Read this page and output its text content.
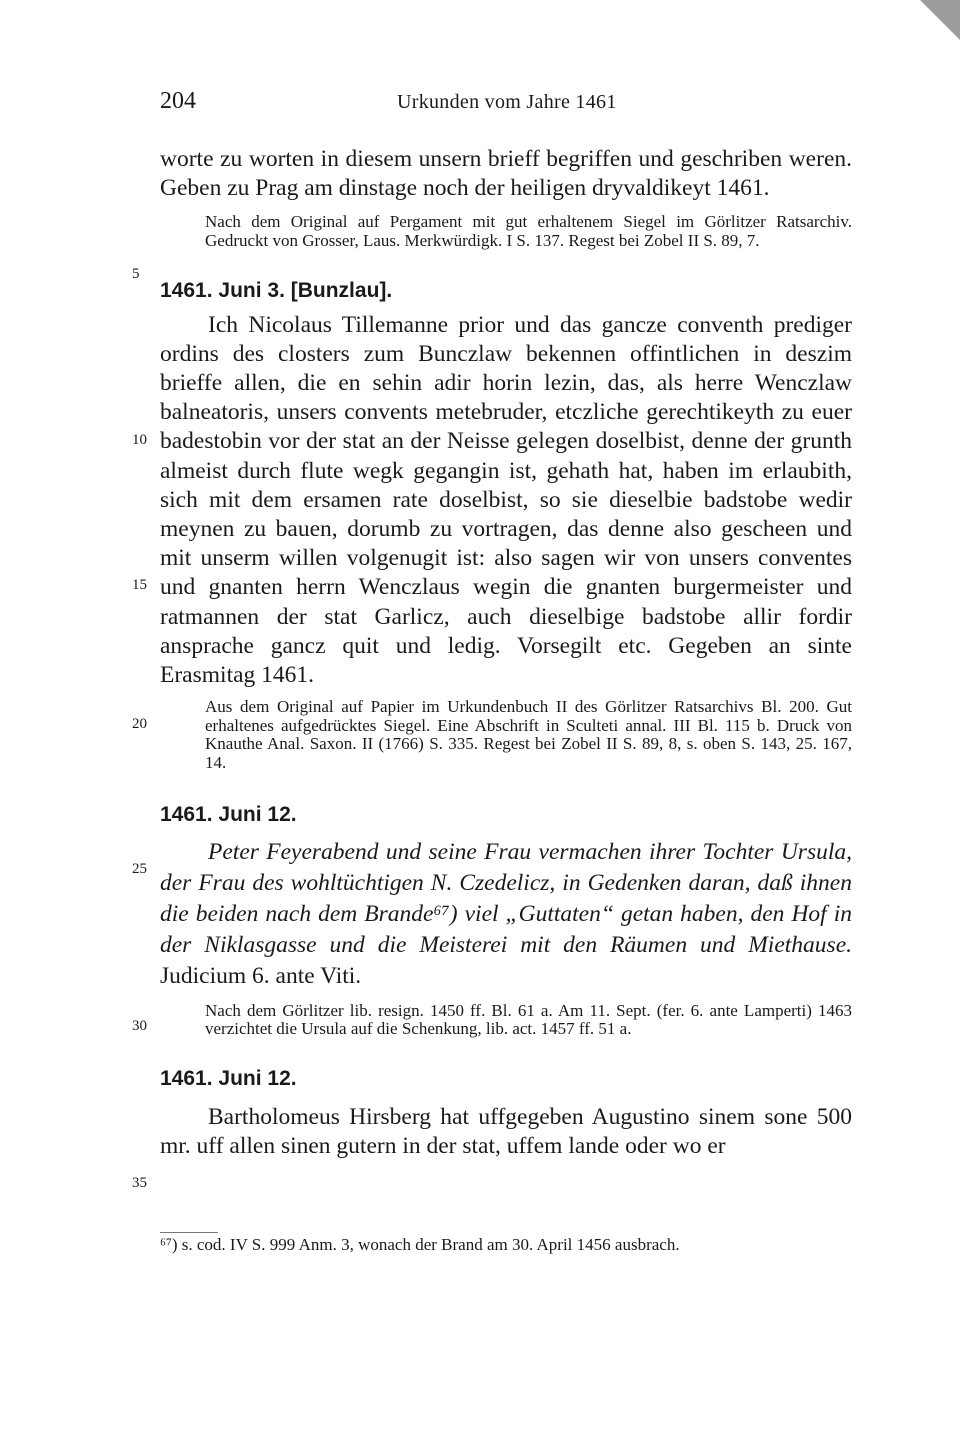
204	Urkunden vom Jahre 1461
5
10
15
20
25
30
35

worte zu worten in diesem unsern brieff begriffen und geschriben weren. Geben zu Prag am dinstage noch der heiligen dryvaldikeyt 1461.

Nach dem Original auf Pergament mit gut erhaltenem Siegel im Görlitzer Ratsarchiv. Gedruckt von Grosser, Laus. Merkwürdigk. I S. 137. Regest bei Zobel II S. 89, 7.

1461. Juni 3. [Bunzlau].

Ich Nicolaus Tillemanne prior und das gancze conventh prediger ordins des closters zum Bunczlaw bekennen offintlichen in deszim brieffe allen, die en sehin adir horin lezin, das, als herre Wenczlaw balneatoris, unsers convents metebruder, etczliche gerechtikeyth zu euer badestobin vor der stat an der Neisse gelegen doselbist, denne der grunth almeist durch flute wegk gegangin ist, gehath hat, haben im erlaubith, sich mit dem ersamen rate doselbist, so sie dieselbie badstobe wedir meynen zu bauen, dorumb zu vortragen, das denne also gescheen und mit unserm willen volgenugit ist: also sagen wir von unsers conventes und gnanten herrn Wenczlaus wegin die gnanten burgermeister und ratmannen der stat Garlicz, auch dieselbige badstobe allir fordir ansprache gancz quit und ledig. Vorsegilt etc. Gegeben an sinte Erasmitag 1461.

Aus dem Original auf Papier im Urkundenbuch II des Görlitzer Ratsarchivs Bl. 200. Gut erhaltenes aufgedrücktes Siegel. Eine Abschrift in Sculteti annal. III Bl. 115 b. Druck von Knauthe Anal. Saxon. II (1766) S. 335. Regest bei Zobel II S. 89, 8, s. oben S. 143, 25. 167, 14.

1461. Juni 12.

Peter Feyerabend und seine Frau vermachen ihrer Tochter Ursula, der Frau des wohltüchtigen N. Czedelicz, in Gedenken daran, daß ihnen die beiden nach dem Brande⁶⁷) viel „Guttaten“ getan haben, den Hof in der Niklasgasse und die Meisterei mit den Räumen und Miethause. Judicium 6. ante Viti.

Nach dem Görlitzer lib. resign. 1450 ff. Bl. 61 a. Am 11. Sept. (fer. 6. ante Lamperti) 1463 verzichtet die Ursula auf die Schenkung, lib. act. 1457 ff. 51 a.

1461. Juni 12.

Bartholomeus Hirsberg hat uffgegeben Augustino sinem sone 500 mr. uff allen sinen gutern in der stat, uffem lande oder wo er

⁶⁷) s. cod. IV S. 999 Anm. 3, wonach der Brand am 30. April 1456 ausbrach.
